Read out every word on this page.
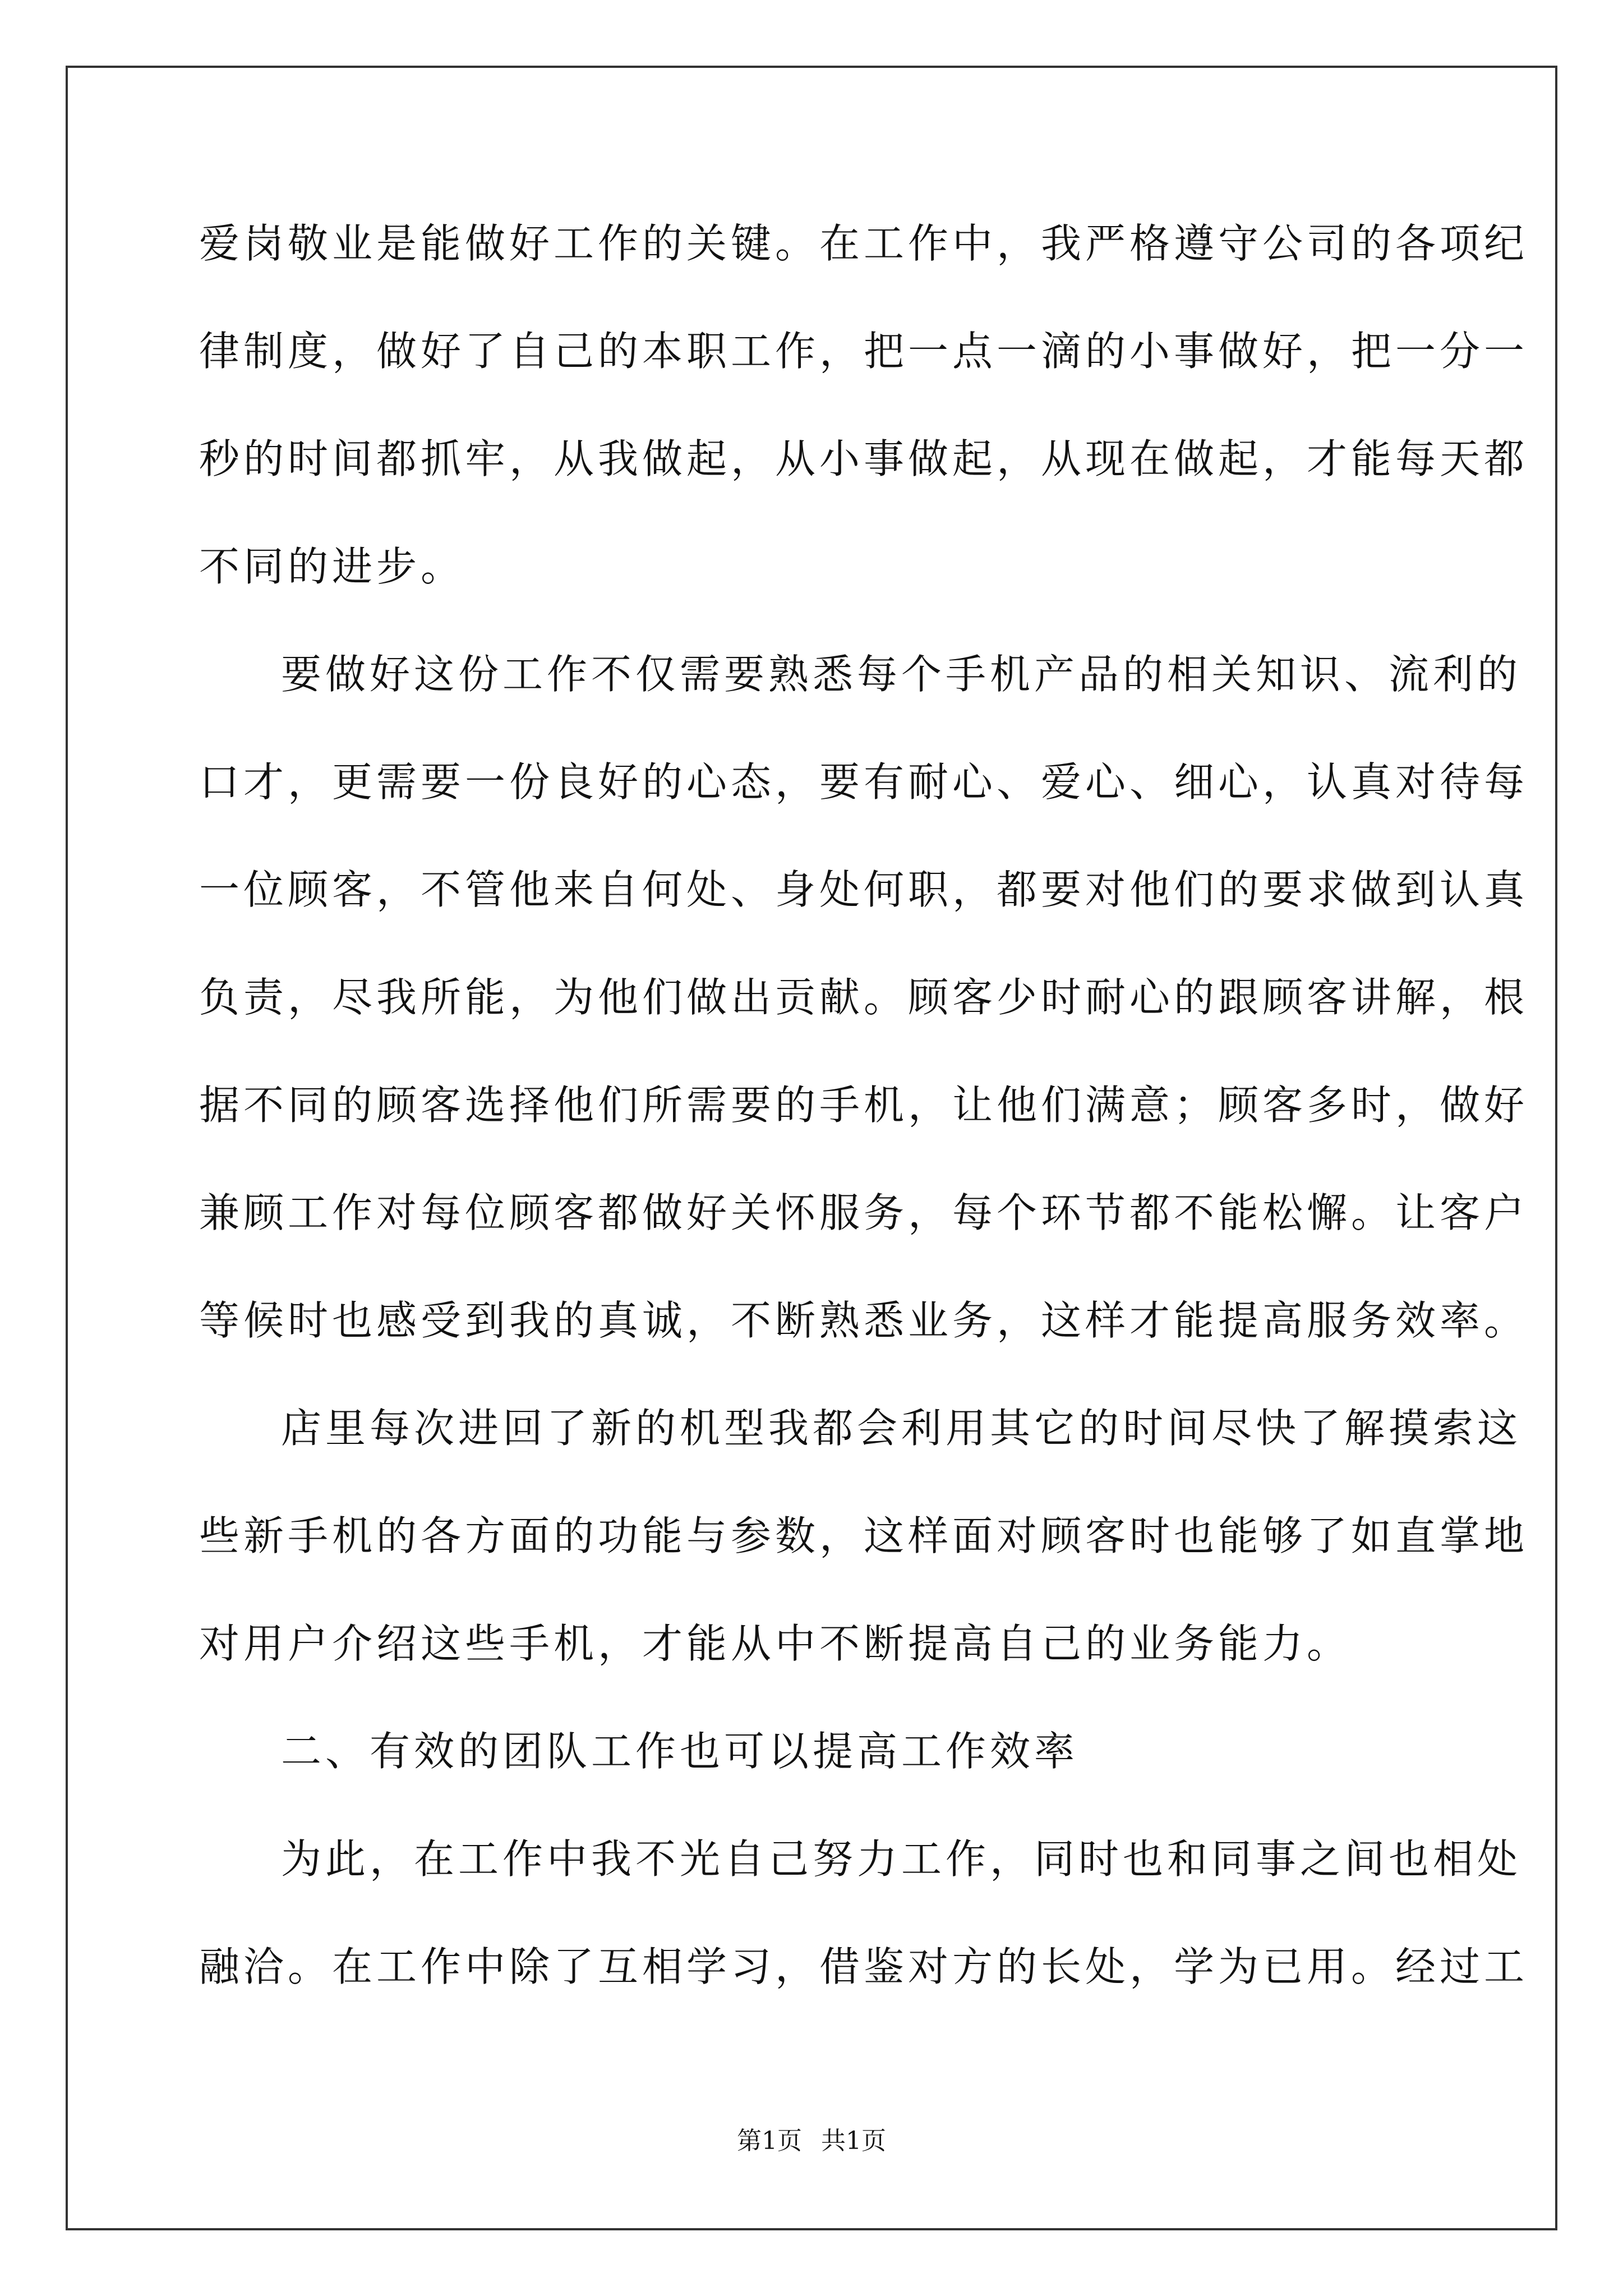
爱岗敬业是能做好工作的关键。在工作中，我严格遵守公司的各项纪
律制度，做好了自己的本职工作，把一点一滴的小事做好，把一分一
秒的时间都抓牢，从我做起，从小事做起，从现在做起，才能每天都
不同的进步。
要做好这份工作不仅需要熟悉每个手机产品的相关知识、流利的
口才，更需要一份良好的心态，要有耐心、爱心、细心，认真对待每
一位顾客，不管他来自何处、身处何职，都要对他们的要求做到认真
负责，尽我所能，为他们做出贡献。顾客少时耐心的跟顾客讲解，根
据不同的顾客选择他们所需要的手机，让他们满意；顾客多时，做好
兼顾工作对每位顾客都做好关怀服务，每个环节都不能松懈。让客户
等候时也感受到我的真诚，不断熟悉业务，这样才能提高服务效率。
店里每次进回了新的机型我都会利用其它的时间尽快了解摸索这
些新手机的各方面的功能与参数，这样面对顾客时也能够了如直掌地
对用户介绍这些手机，才能从中不断提高自己的业务能力。
二、有效的团队工作也可以提高工作效率
为此，在工作中我不光自己努力工作，同时也和同事之间也相处
融洽。在工作中除了互相学习，借鉴对方的长处，学为已用。经过工
第1页 共1页
